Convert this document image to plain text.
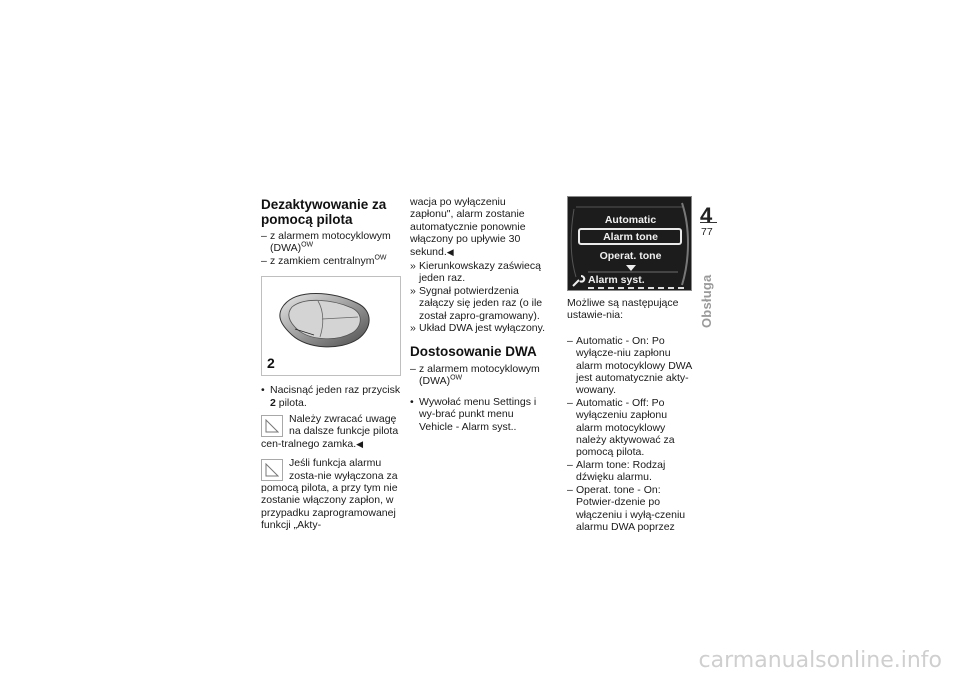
Dezaktywowanie za pomocą pilota

– z alarmem motocyklowym (DWA)$^{OW}$

– z zamkiem centralnym$^{OW}$

2

• Nacisnąć jeden raz przycisk 2 pilota.

Należy zwracać uwagę na dalsze funkcje pilota cen-tralnego zamka.◀
Jeśli funkcja alarmu zosta-nie wyłączona za pomocą pilota, a przy tym nie zostanie włączony zapłon, w przypadku zaprogramowanej funkcji „Akty-

wacja po wyłączeniu zapłonu", alarm zostanie automatycznie ponownie włączony po upływie 30 sekund.◀

» Kierunkowskazy zaświecą jeden raz.

» Sygnał potwierdzenia załączy się jeden raz (o ile został zapro-gramowany).

» Układ DWA jest wyłączony.

Dostosowanie DWA

– z alarmem motocyklowym (DWA)$^{OW}$

• Wywołać menu Settings i wy-brać punkt menu Vehicle - Alarm syst..

Automatic
Alarm tone
Operat. tone
Alarm syst.

Możliwe są następujące ustawie-nia:

– Automatic - On: Po wyłącze-niu zapłonu alarm motocyklowy DWA jest automatycznie akty-wowany.

– Automatic - Off: Po wyłączeniu zapłonu alarm motocyklowy należy aktywować za pomocą pilota.

– Alarm tone: Rodzaj dźwięku alarmu.

– Operat. tone - On: Potwier-dzenie po włączeniu i wyłą-czeniu alarmu DWA poprzez

4
77
Obsługa
carmanualsonline.info
